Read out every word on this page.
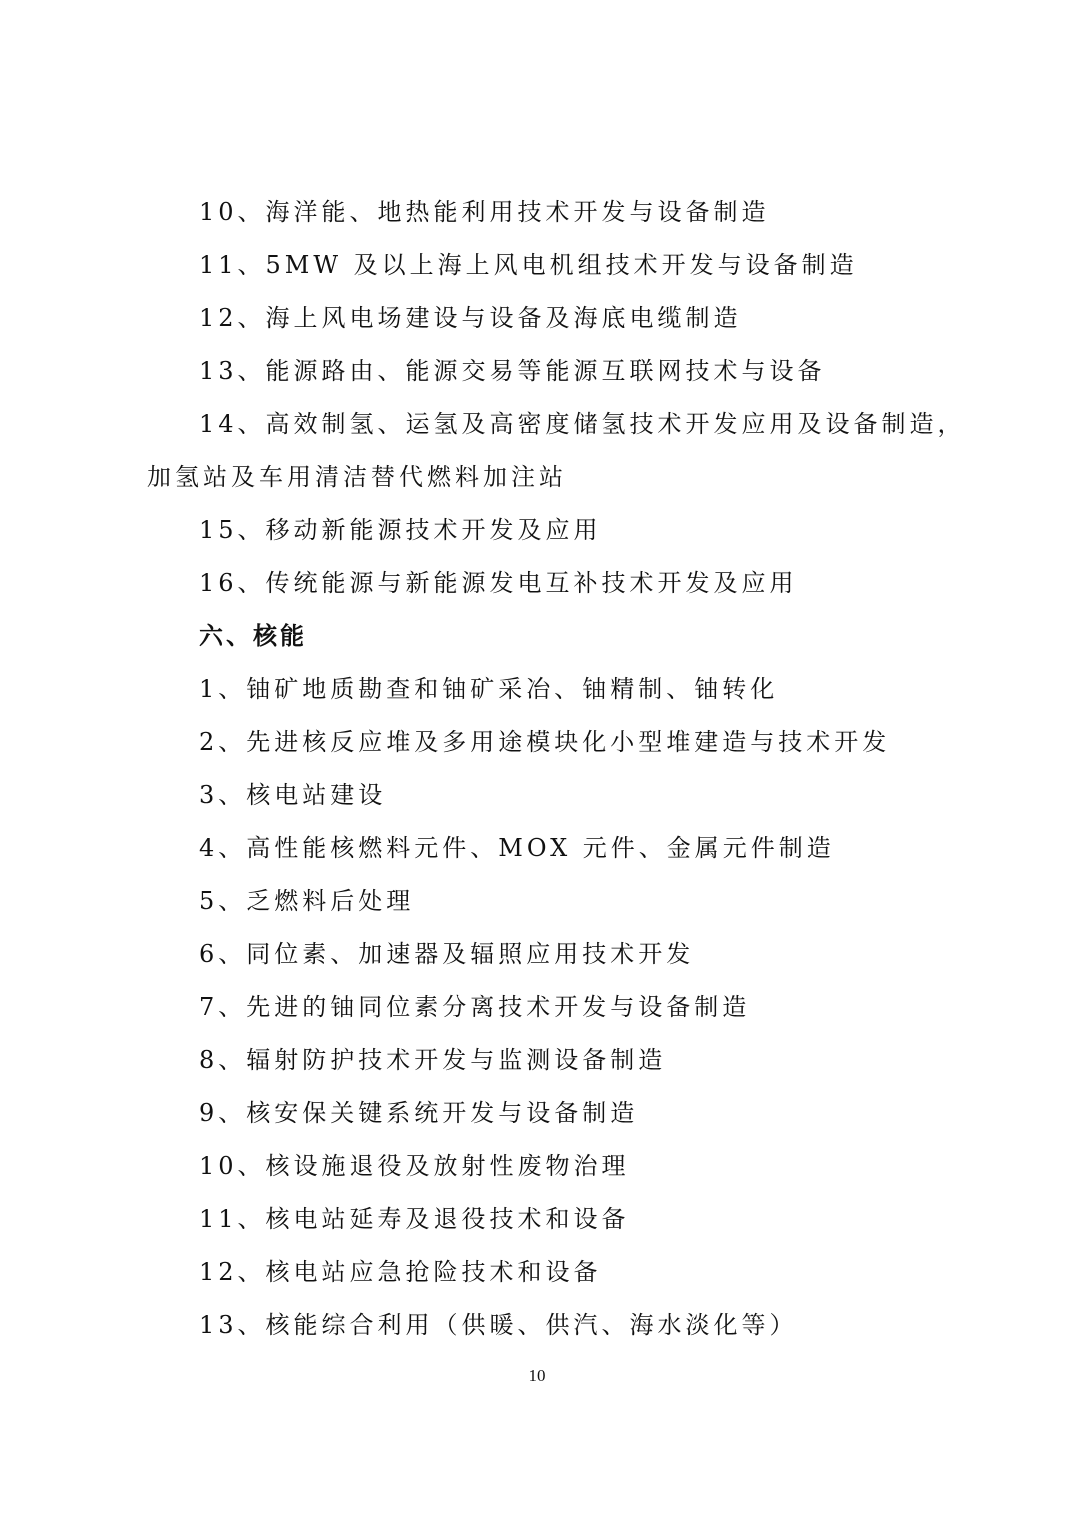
10、海洋能、地热能利用技术开发与设备制造
11、5MW 及以上海上风电机组技术开发与设备制造
12、海上风电场建设与设备及海底电缆制造
13、能源路由、能源交易等能源互联网技术与设备
14、高效制氢、运氢及高密度储氢技术开发应用及设备制造，
加氢站及车用清洁替代燃料加注站
15、移动新能源技术开发及应用
16、传统能源与新能源发电互补技术开发及应用
六、核能
1、铀矿地质勘查和铀矿采冶、铀精制、铀转化
2、先进核反应堆及多用途模块化小型堆建造与技术开发
3、核电站建设
4、高性能核燃料元件、MOX 元件、金属元件制造
5、乏燃料后处理
6、同位素、加速器及辐照应用技术开发
7、先进的铀同位素分离技术开发与设备制造
8、辐射防护技术开发与监测设备制造
9、核安保关键系统开发与设备制造
10、核设施退役及放射性废物治理
11、核电站延寿及退役技术和设备
12、核电站应急抢险技术和设备
13、核能综合利用（供暖、供汽、海水淡化等）
10
